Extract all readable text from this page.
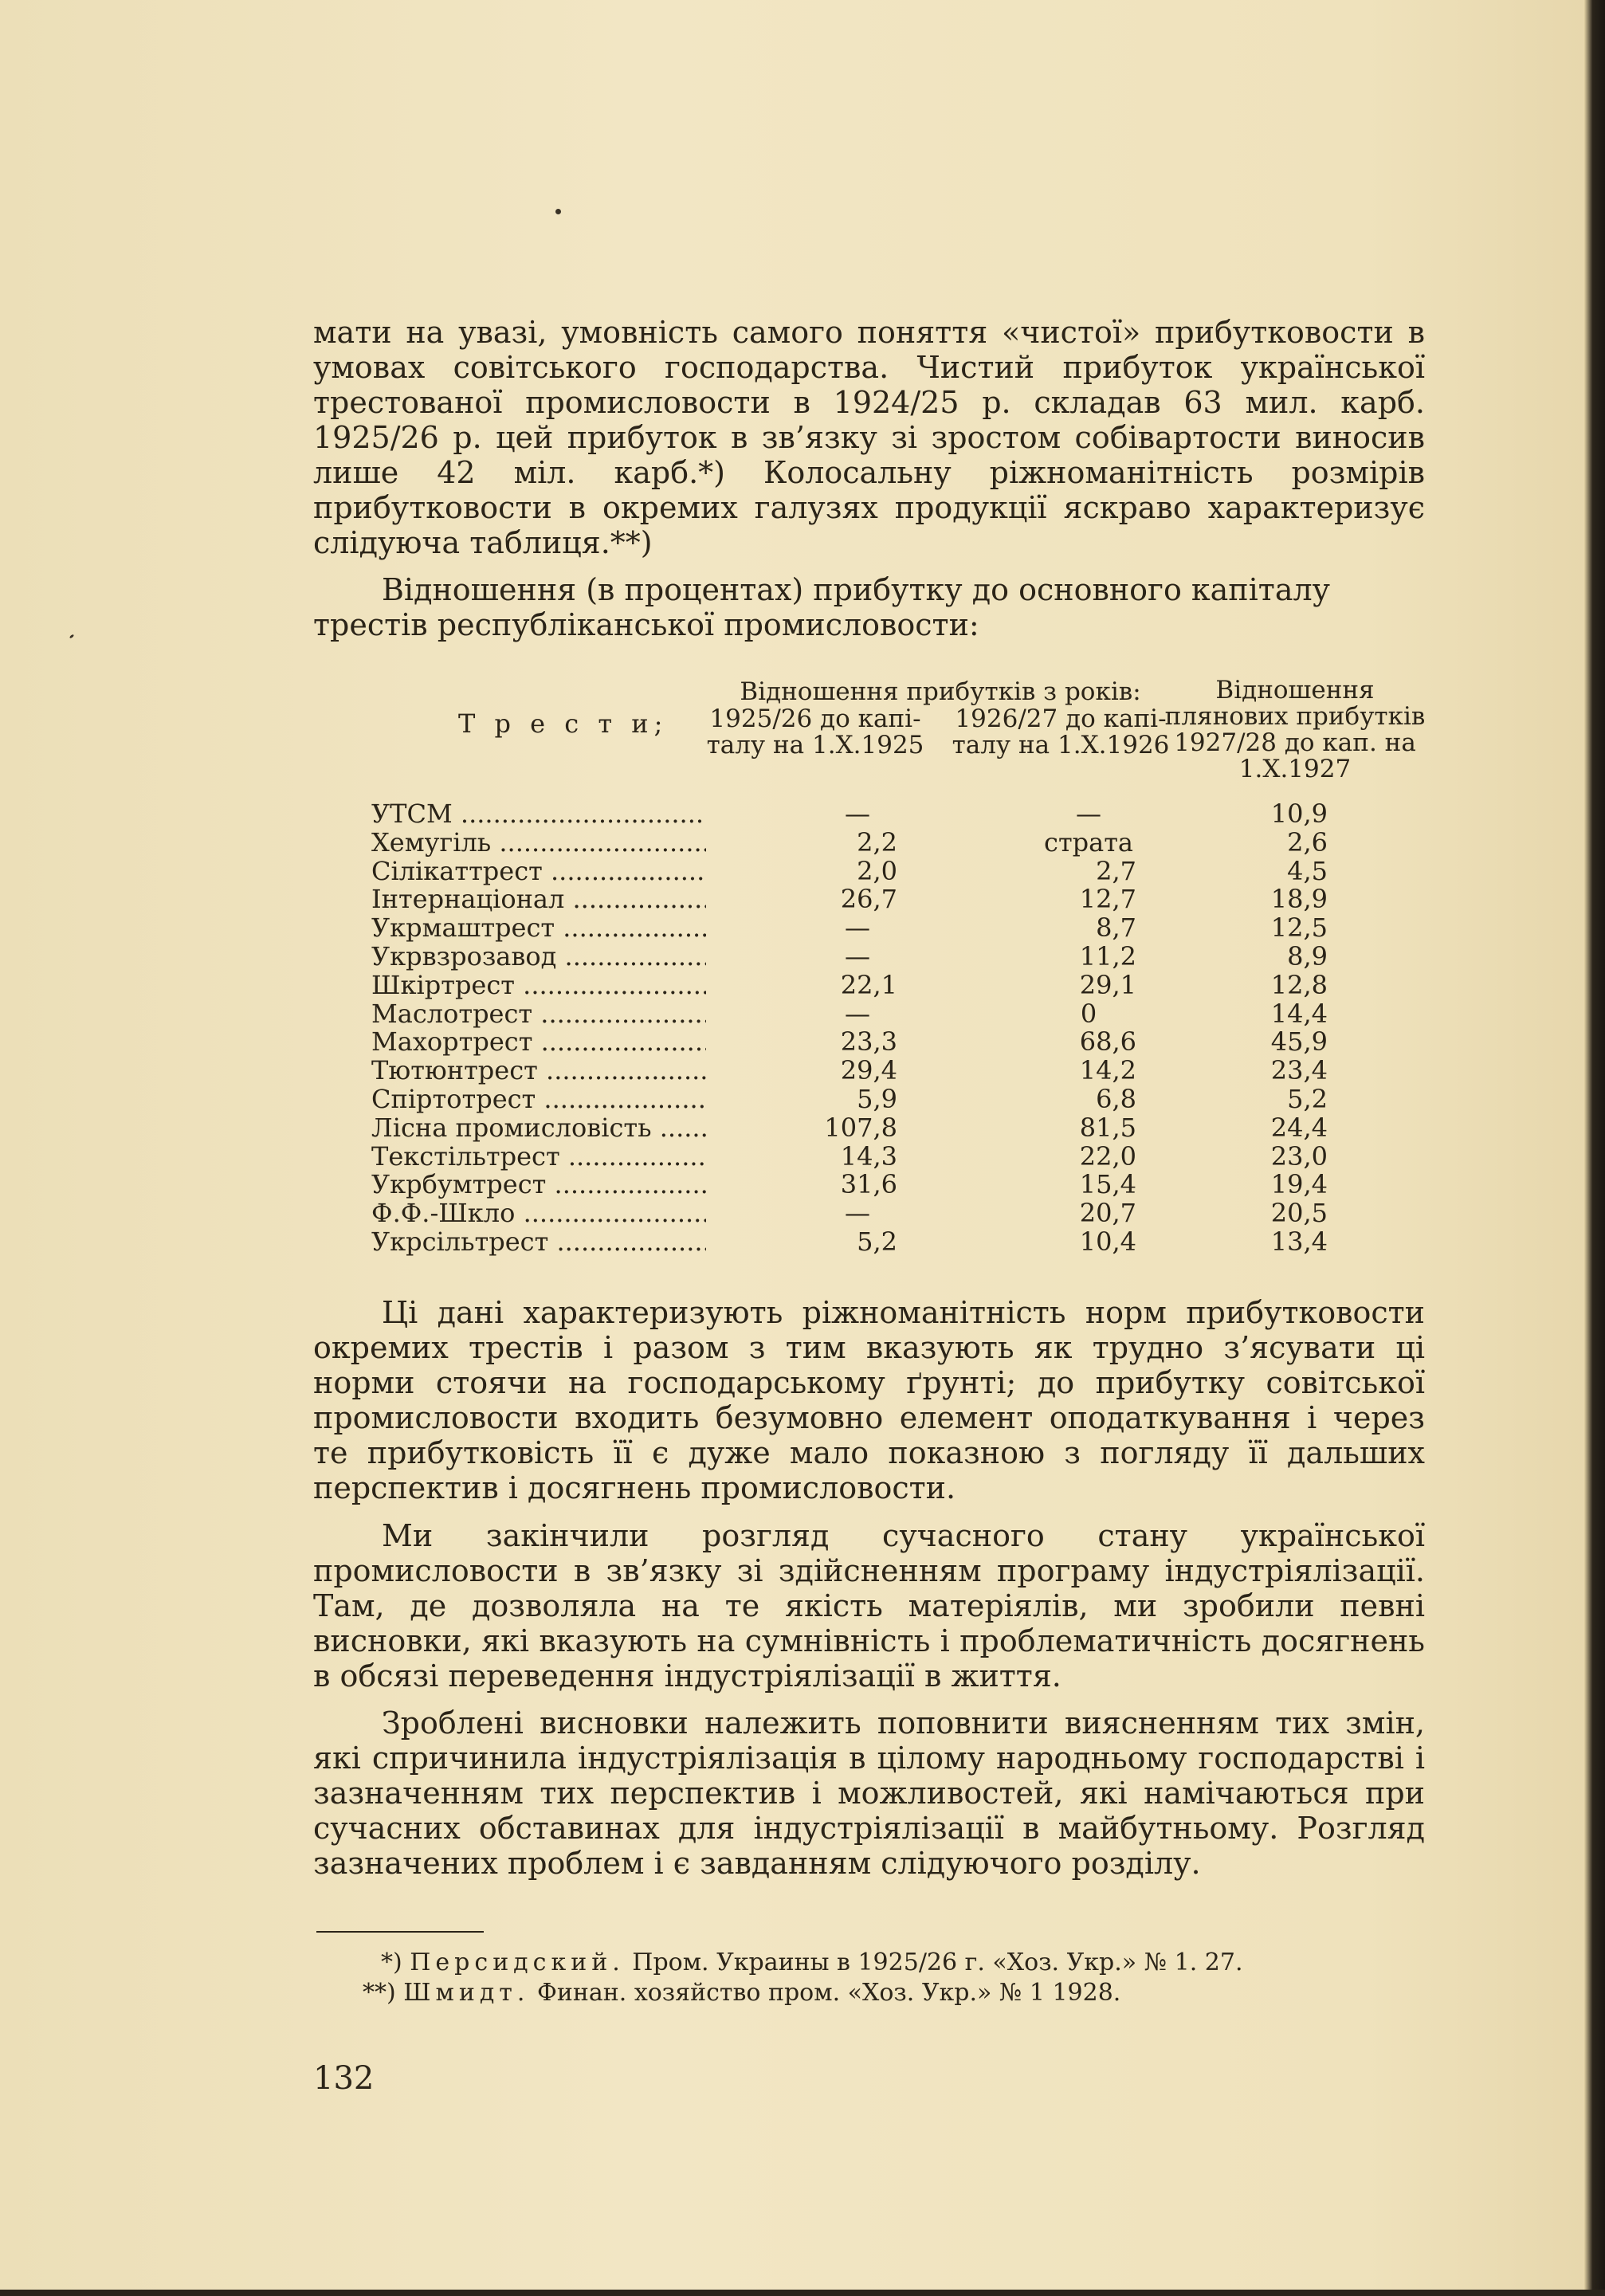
мати на увазі, умовність самого поняття «чистої» прибутковости в умовах совітського господарства. Чистий прибуток української трестованої промисловости в 1924/25 р. складав 63 мил. карб. 1925/26 р. цей прибуток в зв’язку зі зростом собівартости виносив лише 42 міл. карб.*) Колосальну ріжноманітність розмірів прибутковости в окремих галузях продукції яскраво характеризує слідуюча таблиця.**)
Відношення (в процентах) прибутку до основного капіталу трестів республіканської промисловости:
Відношення прибутків з років:
Т р е с т и;	1925/26 до капі- талу на 1.Х.1925
1926/27 до капі- талу на 1.Х.1926
Відношення плянових прибутків 1927/28 до кап. на 1.Х.1927
УТСМ .....	—	—	10,9
Хемугіль .....	2,2	страта	2,6
Сілікаттрест .....	2,0	2,7	4,5
Інтернаціонал .....	26,7	12,7	18,9
Укрмаштрест .....	—	8,7	12,5
Укрвзрозавод .....	—	11,2	8,9
Шкіртрест .....	22,1	29,1	12,8
Маслотрест .....	—	0	14,4
Махортрест .....	23,3	68,6	45,9
Тютюнтрест .....	29,4	14,2	23,4
Спіртотрест .....	5,9	6,8	5,2
Лісна промисловість .....	107,8	81,5	24,4
Текстільтрест .....	14,3	22,0	23,0
Укрбумтрест .....	31,6	15,4	19,4
Ф.Ф.-Шкло .....	—	20,7	20,5
Укрсільтрест .....	5,2	10,4	13,4
Ці дані характеризують ріжноманітність норм прибутковости окремих трестів і разом з тим вказують як трудно з’ясувати ці норми стоячи на господарському ґрунті; до прибутку совітської промисловости входить безумовно елемент оподаткування і через те прибутковість її є дуже мало показною з погляду її дальших перспектив і досягнень промисловости.
Ми закінчили розгляд сучасного стану української промисловости в зв’язку зі здійсненням програму індустріялізації. Там, де дозволяла на те якість матеріялів, ми зробили певні висновки, які вказують на сумнівність і проблематичність досягнень в обсязі переведення індустріялізації в життя.
Зроблені висновки належить поповнити виясненням тих змін, які спричинила індустріялізація в цілому народньому господарстві і зазначенням тих перспектив і можливостей, які намічаються при сучасних обставинах для індустріялізації в майбутньому. Розгляд зазначених проблем і є завданням слідуючого розділу.
*) Персидский. Пром. Украины в 1925/26 г. «Хоз. Укр.» № 1. 27.
**) Шмидт. Финан. хозяйство пром. «Хоз. Укр.» № 1 1928.
132
